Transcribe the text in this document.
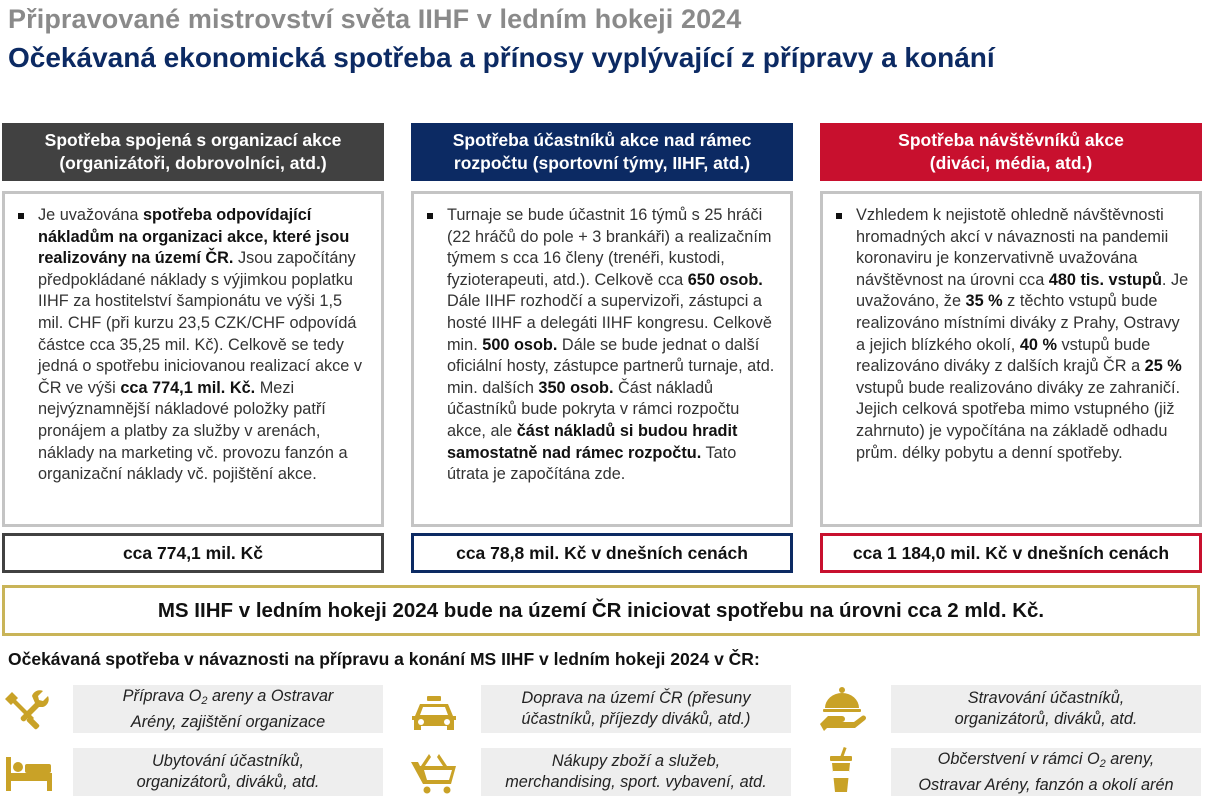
Připravované mistrovství světa IIHF v ledním hokeji 2024
Očekávaná ekonomická spotřeba a přínosy vyplývající z přípravy a konání
Spotřeba spojená s organizací akce
(organizátoři, dobrovolníci, atd.)
Je uvažována spotřeba odpovídající nákladům na organizaci akce, které jsou realizovány na území ČR. Jsou započítány předpokládané náklady s výjimkou poplatku IIHF za hostitelství šampionátu ve výši 1,5 mil. CHF (při kurzu 23,5 CZK/CHF odpovídá částce cca 35,25 mil. Kč). Celkově se tedy jedná o spotřebu iniciovanou realizací akce v ČR ve výši cca 774,1 mil. Kč. Mezi nejvýznamnější nákladové položky patří pronájem a platby za služby v arenách, náklady na marketing vč. provozu fanzón a organizační náklady vč. pojištění akce.
cca 774,1 mil. Kč
Spotřeba účastníků akce nad rámec
rozpočtu (sportovní týmy, IIHF, atd.)
Turnaje se bude účastnit 16 týmů s 25 hráči (22 hráčů do pole + 3 brankáři) a realizačním týmem s cca 16 členy (trenéři, kustodi, fyzioterapeuti, atd.). Celkově cca 650 osob. Dále IIHF rozhodčí a supervizoři, zástupci a hosté IIHF a delegáti IIHF kongresu. Celkově min. 500 osob. Dále se bude jednat o další oficiální hosty, zástupce partnerů turnaje, atd. min. dalších 350 osob. Část nákladů účastníků bude pokryta v rámci rozpočtu akce, ale část nákladů si budou hradit samostatně nad rámec rozpočtu. Tato útrata je započítána zde.
cca 78,8 mil. Kč v dnešních cenách
Spotřeba návštěvníků akce
(diváci, média, atd.)
Vzhledem k nejistotě ohledně návštěvnosti hromadných akcí v návaznosti na pandemii koronaviru je konzervativně uvažována návštěvnost na úrovni cca 480 tis. vstupů. Je uvažováno, že 35 % z těchto vstupů bude realizováno místními diváky z Prahy, Ostravy a jejich blízkého okolí, 40 % vstupů bude realizováno diváky z dalších krajů ČR a 25 % vstupů bude realizováno diváky ze zahraničí. Jejich celková spotřeba mimo vstupného (již zahrnuto) je vypočítána na základě odhadu prům. délky pobytu a denní spotřeby.
cca 1 184,0 mil. Kč v dnešních cenách
MS IIHF v ledním hokeji 2024 bude na území ČR iniciovat spotřebu na úrovni cca 2 mld. Kč.
Očekávaná spotřeba v návaznosti na přípravu a konání MS IIHF v ledním hokeji 2024 v ČR:
Příprava $O_2$ areny a Ostravar
Arény, zajištění organizace
Doprava na území ČR (přesuny
účastníků, příjezdy diváků, atd.)
Stravování účastníků,
organizátorů, diváků, atd.
Ubytování účastníků,
organizátorů, diváků, atd.
Nákupy zboží a služeb,
merchandising, sport. vybavení, atd.
Občerstvení v rámci $O_2$ areny,
Ostravar Arény, fanzón a okolí arén
